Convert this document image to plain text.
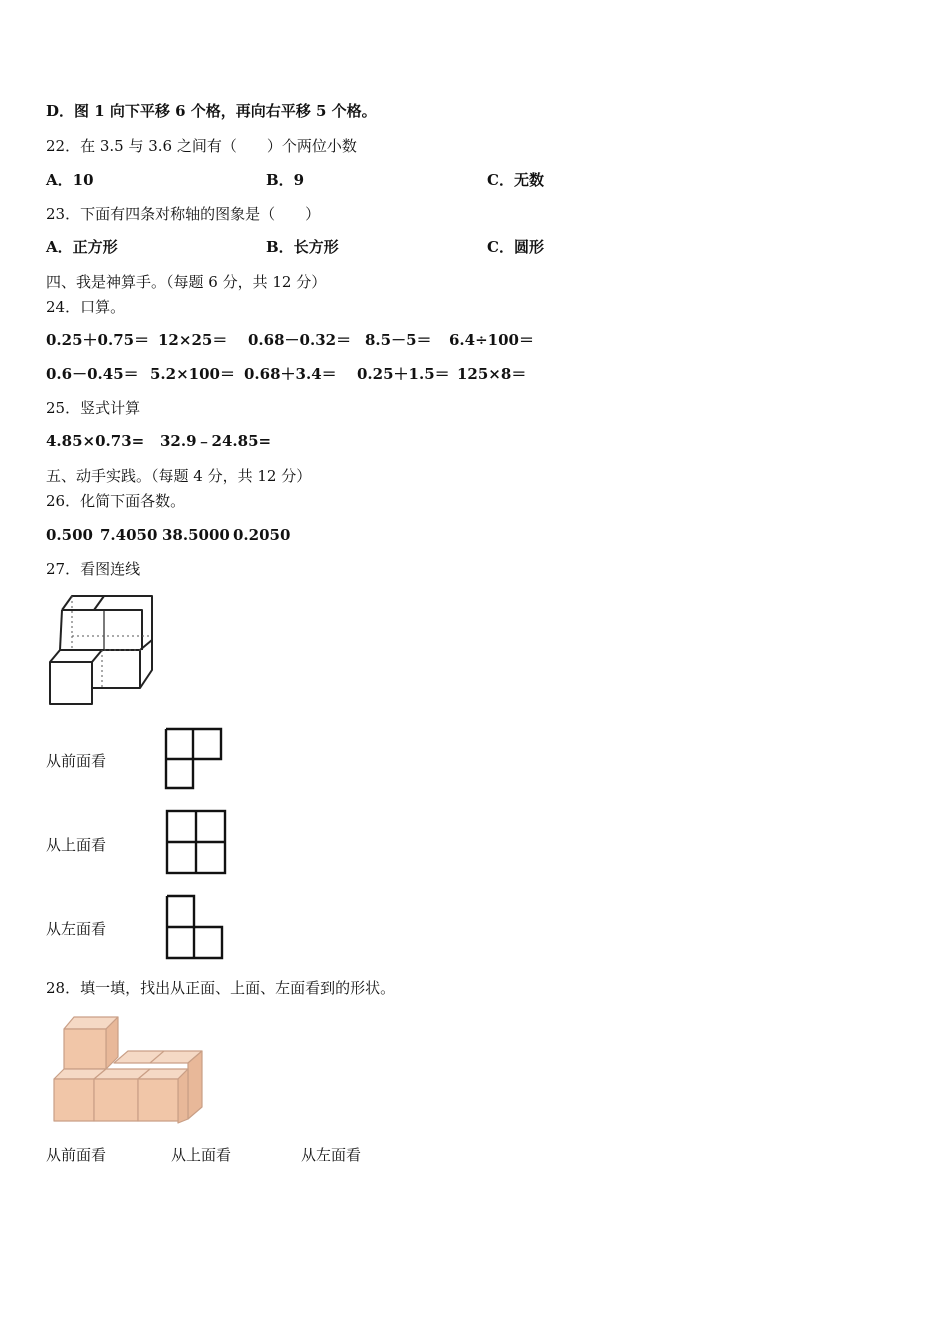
D．图 1 向下平移 6 个格，再向右平移 5 个格。
22．在 3.5 与 3.6 之间有（　　）个两位小数
A．10	B．9	C．无数
23．下面有四条对称轴的图象是（　　）
A．正方形	B．长方形	C．圆形
四、我是神算手。（每题 6 分，共 12 分）
24．口算。
0.25＋0.75＝ 12×25＝ 0.68－0.32＝ 8.5－5＝ 6.4÷100＝
0.6－0.45＝ 5.2×100＝ 0.68＋3.4＝ 0.25＋1.5＝ 125×8＝
25．竖式计算
4.85×0.73= 32.9﹣24.85=
五、动手实践。（每题 4 分，共 12 分）
26．化简下面各数。
0.500 7.4050 38.5000 0.2050
27．看图连线
从前面看
从上面看
从左面看
28．填一填，找出从正面、上面、左面看到的形状。
从前面看	从上面看	从左面看
